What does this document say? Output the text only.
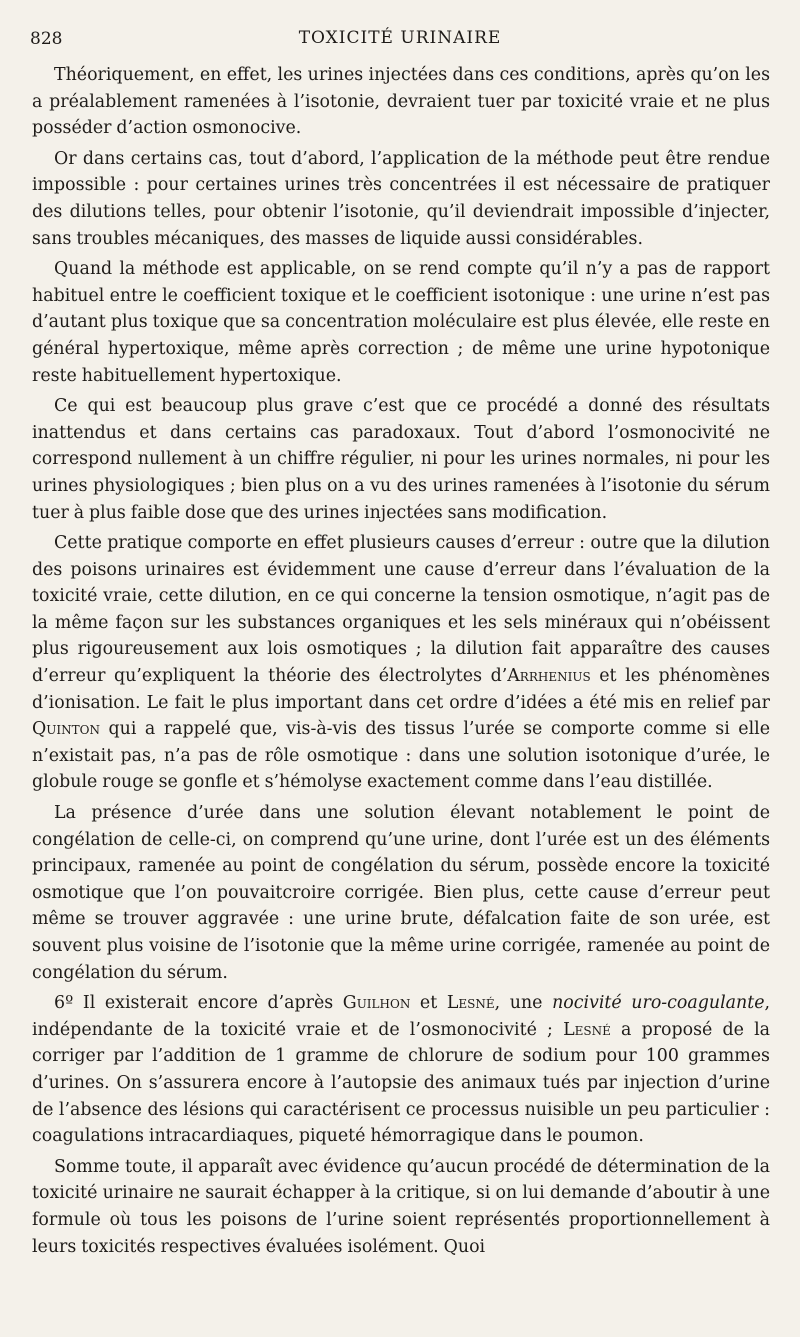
828	TOXICITÉ URINAIRE

Théoriquement, en effet, les urines injectées dans ces conditions, après qu’on les a préalablement ramenées à l’isotonie, devraient tuer par toxicité vraie et ne plus posséder d’action osmonocive.

Or dans certains cas, tout d’abord, l’application de la méthode peut être rendue impossible : pour certaines urines très concentrées il est nécessaire de pratiquer des dilutions telles, pour obtenir l’isotonie, qu’il deviendrait impossible d’injecter, sans troubles mécaniques, des masses de liquide aussi considérables.

Quand la méthode est applicable, on se rend compte qu’il n’y a pas de rapport habituel entre le coefficient toxique et le coefficient isotonique : une urine n’est pas d’autant plus toxique que sa concentration moléculaire est plus élevée, elle reste en général hypertoxique, même après correction ; de même une urine hypotonique reste habituellement hypertoxique.

Ce qui est beaucoup plus grave c’est que ce procédé a donné des résultats inattendus et dans certains cas paradoxaux. Tout d’abord l’osmonocivité ne correspond nullement à un chiffre régulier, ni pour les urines normales, ni pour les urines physiologiques ; bien plus on a vu des urines ramenées à l’isotonie du sérum tuer à plus faible dose que des urines injectées sans modification.

Cette pratique comporte en effet plusieurs causes d’erreur : outre que la dilution des poisons urinaires est évidemment une cause d’erreur dans l’évaluation de la toxicité vraie, cette dilution, en ce qui concerne la tension osmotique, n’agit pas de la même façon sur les substances organiques et les sels minéraux qui n’obéissent plus rigoureusement aux lois osmotiques ; la dilution fait apparaître des causes d’erreur qu’expliquent la théorie des électrolytes d’Arrhenius et les phénomènes d’ionisation. Le fait le plus important dans cet ordre d’idées a été mis en relief par Quinton qui a rappelé que, vis-à-vis des tissus l’urée se comporte comme si elle n’existait pas, n’a pas de rôle osmotique : dans une solution isotonique d’urée, le globule rouge se gonfle et s’hémolyse exactement comme dans l’eau distillée.

La présence d’urée dans une solution élevant notablement le point de congélation de celle-ci, on comprend qu’une urine, dont l’urée est un des éléments principaux, ramenée au point de congélation du sérum, possède encore la toxicité osmotique que l’on pouvaitcroire corrigée. Bien plus, cette cause d’erreur peut même se trouver aggravée : une urine brute, défalcation faite de son urée, est souvent plus voisine de l’isotonie que la même urine corrigée, ramenée au point de congélation du sérum.

6º Il existerait encore d’après Guilhon et Lesné, une nocivité uro-coagulante, indépendante de la toxicité vraie et de l’osmonocivité ; Lesné a proposé de la corriger par l’addition de 1 gramme de chlorure de sodium pour 100 grammes d’urines. On s’assurera encore à l’autopsie des animaux tués par injection d’urine de l’absence des lésions qui caractérisent ce processus nuisible un peu particulier : coagulations intracardiaques, piqueté hémorragique dans le poumon.

Somme toute, il apparaît avec évidence qu’aucun procédé de détermination de la toxicité urinaire ne saurait échapper à la critique, si on lui demande d’aboutir à une formule où tous les poisons de l’urine soient représentés proportionnellement à leurs toxicités respectives évaluées isolément. Quoi
